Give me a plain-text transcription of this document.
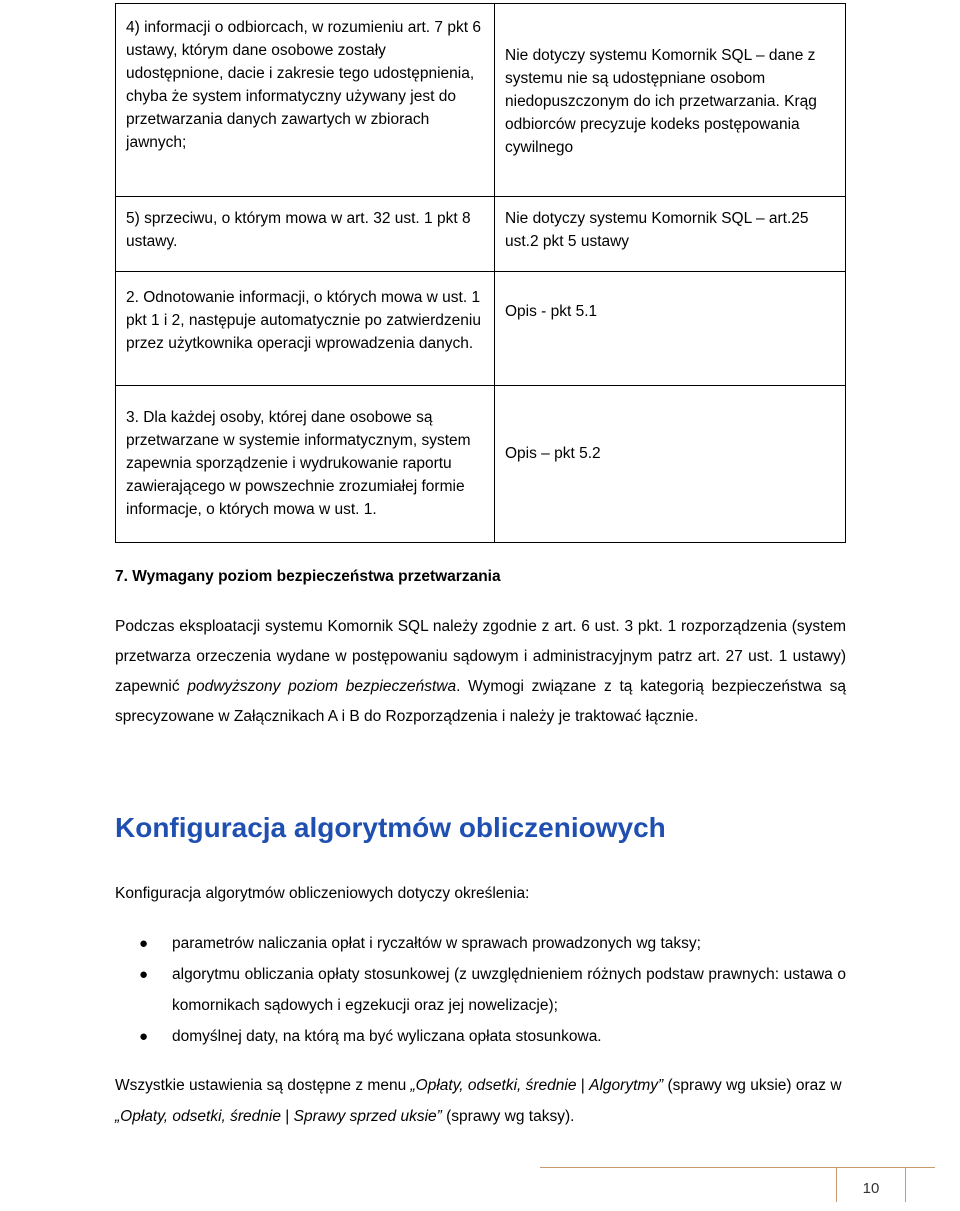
4) informacji o odbiorcach, w rozumieniu art. 7 pkt 6 ustawy, którym dane osobowe zostały udostępnione, dacie i zakresie tego udostępnienia, chyba że system informatyczny używany jest do przetwarzania danych zawartych w zbiorach jawnych;	Nie dotyczy systemu Komornik SQL – dane z systemu nie są udostępniane osobom niedopuszczonym do ich przetwarzania. Krąg odbiorców precyzuje kodeks postępowania cywilnego

5) sprzeciwu, o którym mowa w art. 32 ust. 1 pkt 8 ustawy.	Nie dotyczy systemu Komornik SQL – art.25 ust.2 pkt 5 ustawy

2. Odnotowanie informacji, o których mowa w ust. 1 pkt 1 i 2, następuje automatycznie po zatwierdzeniu przez użytkownika operacji wprowadzenia danych.	Opis - pkt 5.1

3. Dla każdej osoby, której dane osobowe są przetwarzane w systemie informatycznym, system zapewnia sporządzenie i wydrukowanie raportu zawierającego w powszechnie zrozumiałej formie informacje, o których mowa w ust. 1.	Opis – pkt 5.2
7. Wymagany poziom bezpieczeństwa przetwarzania

Podczas eksploatacji systemu Komornik SQL należy zgodnie z art. 6 ust. 3 pkt. 1 rozporządzenia (system przetwarza orzeczenia wydane w postępowaniu sądowym i administracyjnym patrz art. 27 ust. 1 ustawy) zapewnić podwyższony poziom bezpieczeństwa. Wymogi związane z tą kategorią bezpieczeństwa są sprecyzowane w Załącznikach A i B do Rozporządzenia i należy je traktować łącznie.

Konfiguracja algorytmów obliczeniowych

Konfiguracja algorytmów obliczeniowych dotyczy określenia:

● parametrów naliczania opłat i ryczałtów w sprawach prowadzonych wg taksy;
● algorytmu obliczania opłaty stosunkowej (z uwzględnieniem różnych podstaw prawnych: ustawa o komornikach sądowych i egzekucji oraz jej nowelizacje);
● domyślnej daty, na którą ma być wyliczana opłata stosunkowa.

Wszystkie ustawienia są dostępne z menu „Opłaty, odsetki, średnie | Algorytmy” (sprawy wg uksie) oraz w „Opłaty, odsetki, średnie | Sprawy sprzed uksie” (sprawy wg taksy).

10
